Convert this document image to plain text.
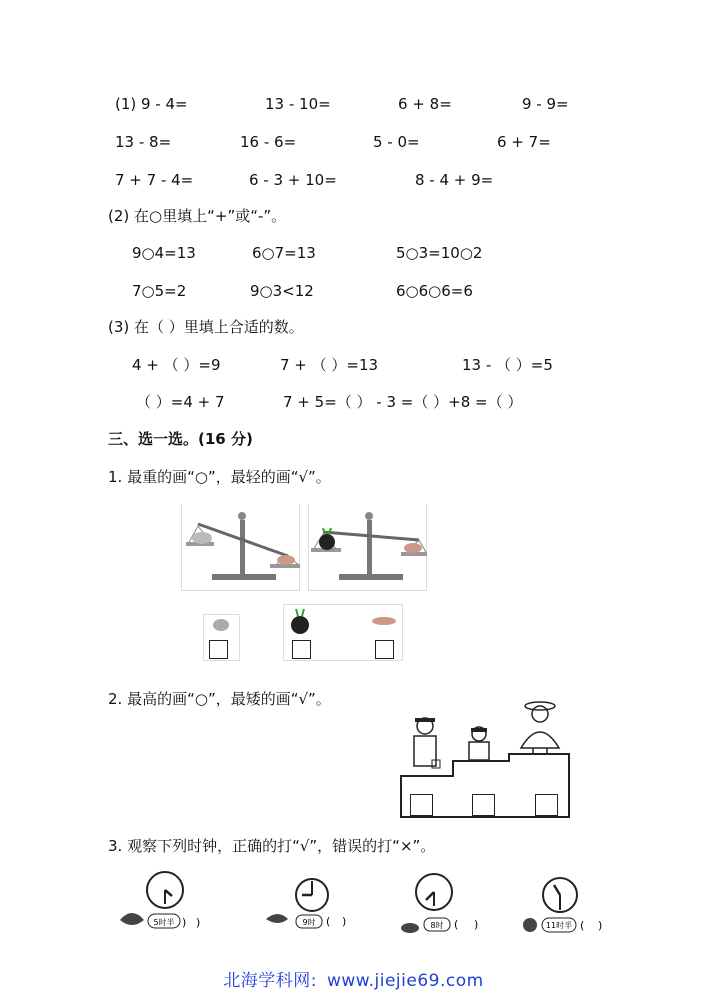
(1) 9 - 4=	13 - 10=	6 + 8=	9 - 9=
13 - 8=	16 - 6=	5 - 0=	6 + 7=
7 + 7 - 4=	6 - 3 + 10=	8 - 4 + 9=
(2) 在○里填上“+”或“-”。
9○4=13	6○7=13	5○3=10○2
7○5=2	9○3<12	6○6○6=6
(3) 在（ ）里填上合适的数。
4 + （ ）=9	7 + （ ）=13	13 - （ ）=5
（ ）=4 + 7	7 + 5=（ ） - 3 =（ ）+8 =（ ）
三、选一选。(16 分)
1. 最重的画“○”，最轻的画“√”。
2. 最高的画“○”，最矮的画“√”。
3. 观察下列时钟，正确的打“√”，错误的打“×”。
5时半 ) )	9时 ( )	8时 ( )	11时半 ( )
北海学科网: www.jiejie69.com
